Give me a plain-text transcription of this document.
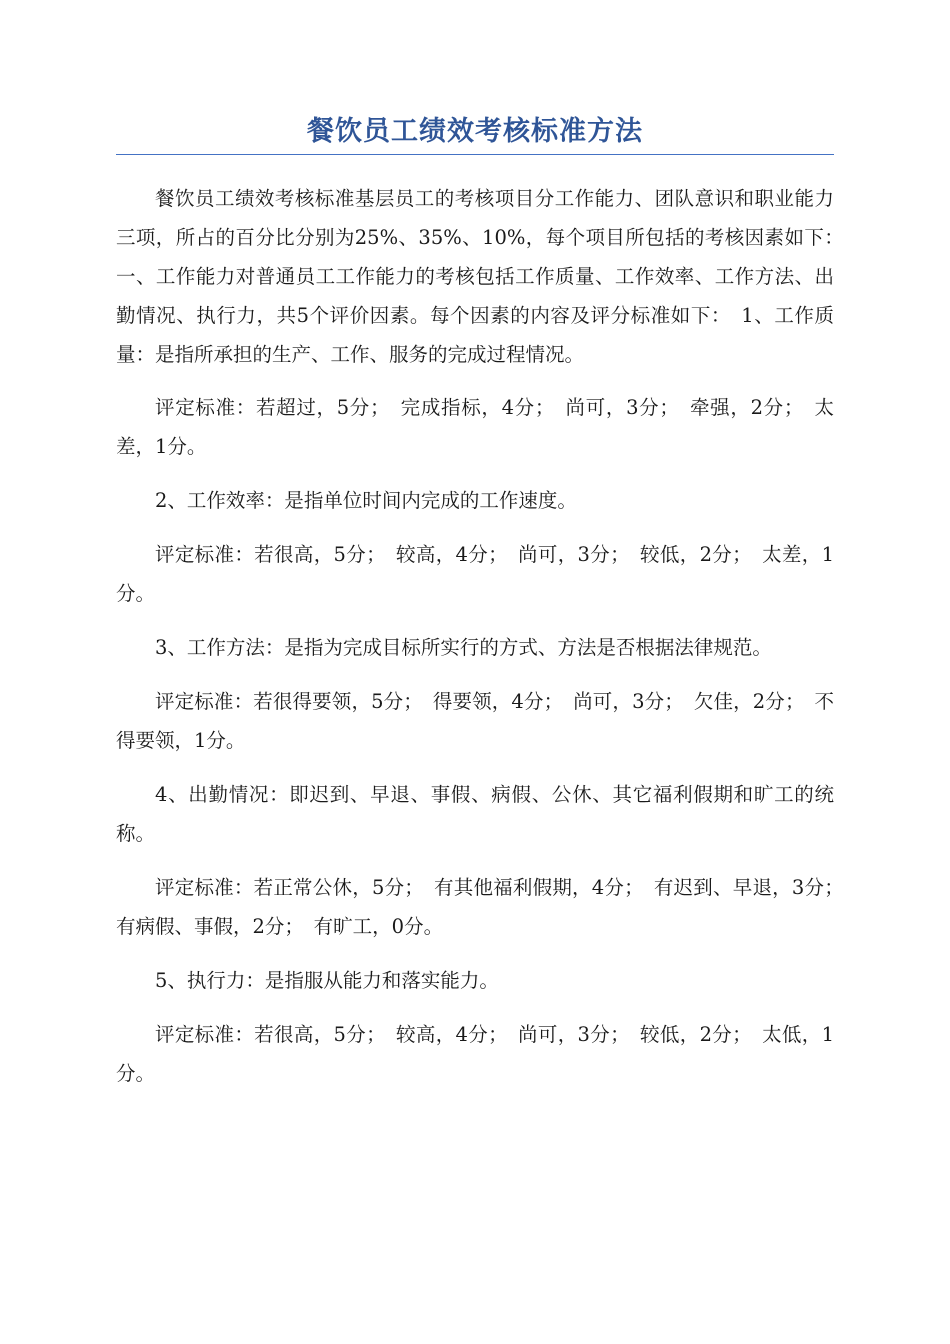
餐饮员工绩效考核标准方法

餐饮员工绩效考核标准基层员工的考核项目分工作能力、团队意识和职业能力三项，所占的百分比分别为25%、35%、10%，每个项目所包括的考核因素如下：　一、工作能力对普通员工工作能力的考核包括工作质量、工作效率、工作方法、出勤情况、执行力，共5个评价因素。每个因素的内容及评分标准如下：　1、工作质量：是指所承担的生产、工作、服务的完成过程情况。

评定标准：若超过，5分；　完成指标，4分；　尚可，3分；　牵强，2分；　太差，1分。

2、工作效率：是指单位时间内完成的工作速度。

评定标准：若很高，5分；　较高，4分；　尚可，3分；　较低，2分；　太差，1分。

3、工作方法：是指为完成目标所实行的方式、方法是否根据法律规范。

评定标准：若很得要领，5分；　得要领，4分；　尚可，3分；　欠佳，2分；　不得要领，1分。

4、出勤情况：即迟到、早退、事假、病假、公休、其它福利假期和旷工的统称。

评定标准：若正常公休，5分；　有其他福利假期，4分；　有迟到、早退，3分；　有病假、事假，2分；　有旷工，0分。

5、执行力：是指服从能力和落实能力。

评定标准：若很高，5分；　较高，4分；　尚可，3分；　较低，2分；　太低，1分。
